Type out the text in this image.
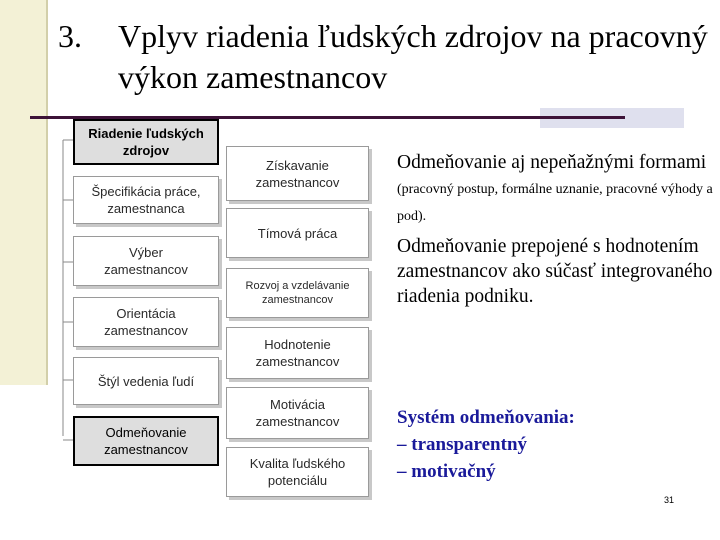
3. Vplyv riadenia ľudských zdrojov na pracovný výkon zamestnancov
Riadenie ľudských
zdrojov
Špecifikácia práce,
zamestnanca
Výber
zamestnancov
Orientácia
zamestnancov
Štýl vedenia ľudí
Odmeňovanie
zamestnancov
Získavanie
zamestnancov
Tímová práca
Rozvoj a vzdelávanie
zamestnancov
Hodnotenie
zamestnancov
Motivácia
zamestnancov
Kvalita ľudského
potenciálu
Odmeňovanie aj nepeňažnými formami (pracovný postup, formálne uznanie, pracovné výhody a pod).
Odmeňovanie prepojené s hodnotením zamestnancov ako súčasť integrovaného riadenia podniku.
Systém odmeňovania:
– transparentný
– motivačný
31
